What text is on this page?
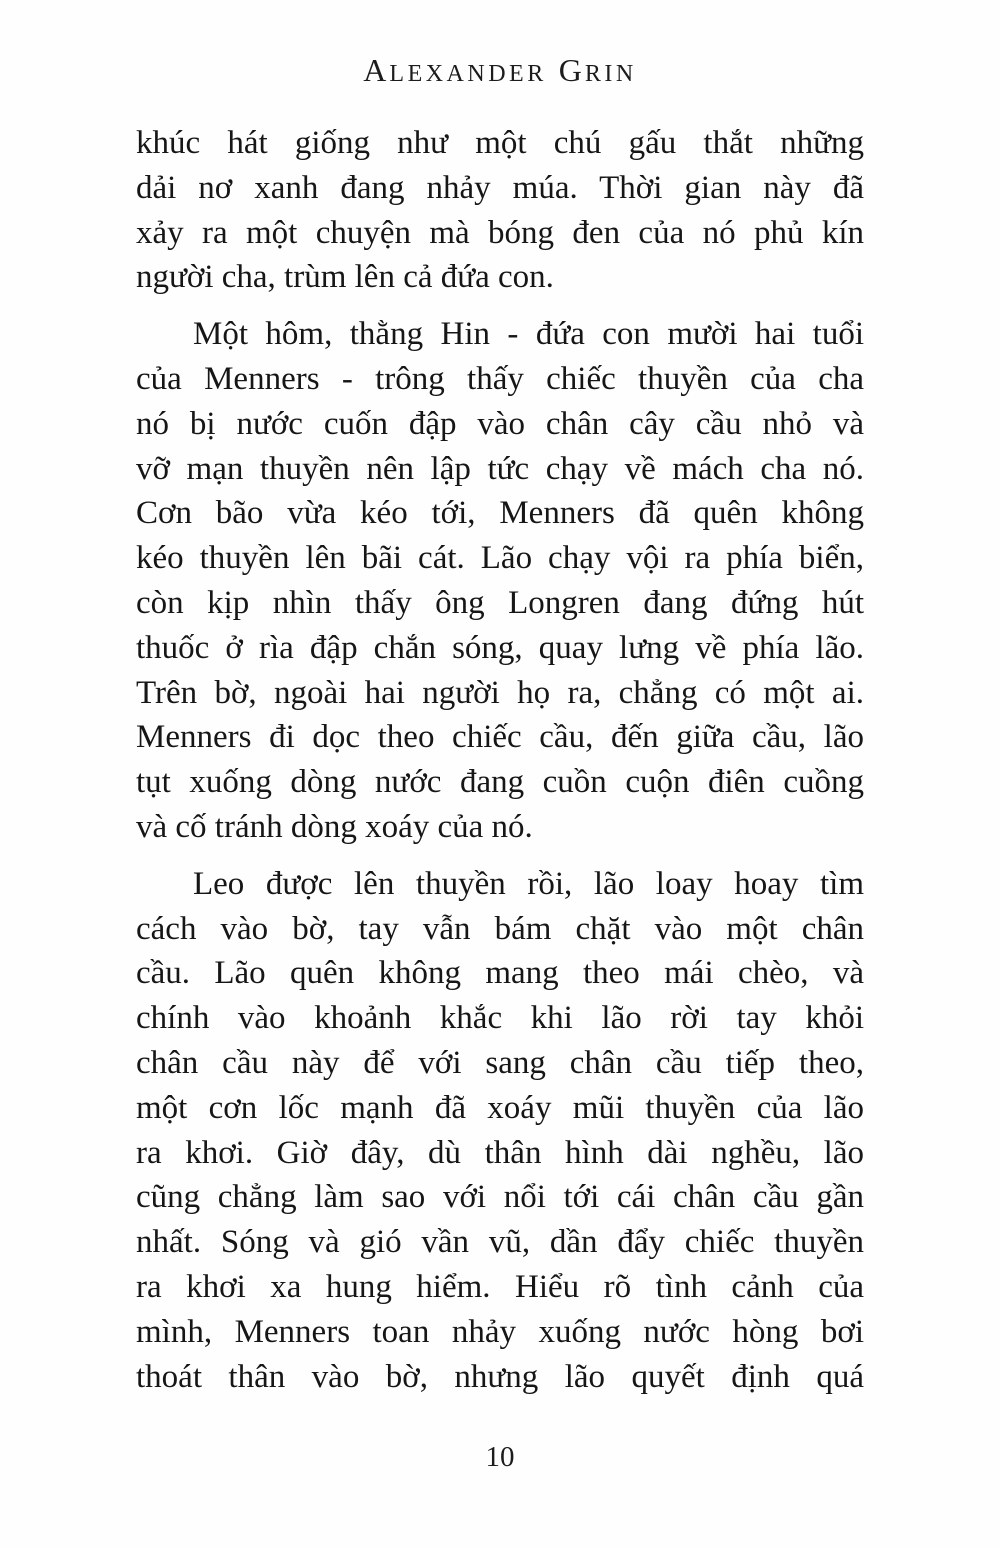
ALEXANDER GRIN
khúc hát giống như một chú gấu thắt những
dải nơ xanh đang nhảy múa. Thời gian này đã
xảy ra một chuyện mà bóng đen của nó phủ kín
người cha, trùm lên cả đứa con.
Một hôm, thằng Hin - đứa con mười hai tuổi
của Menners - trông thấy chiếc thuyền của cha
nó bị nước cuốn đập vào chân cây cầu nhỏ và
vỡ mạn thuyền nên lập tức chạy về mách cha nó.
Cơn bão vừa kéo tới, Menners đã quên không
kéo thuyền lên bãi cát. Lão chạy vội ra phía biển,
còn kịp nhìn thấy ông Longren đang đứng hút
thuốc ở rìa đập chắn sóng, quay lưng về phía lão.
Trên bờ, ngoài hai người họ ra, chẳng có một ai.
Menners đi dọc theo chiếc cầu, đến giữa cầu, lão
tụt xuống dòng nước đang cuồn cuộn điên cuồng
và cố tránh dòng xoáy của nó.
Leo được lên thuyền rồi, lão loay hoay tìm
cách vào bờ, tay vẫn bám chặt vào một chân
cầu. Lão quên không mang theo mái chèo, và
chính vào khoảnh khắc khi lão rời tay khỏi
chân cầu này để với sang chân cầu tiếp theo,
một cơn lốc mạnh đã xoáy mũi thuyền của lão
ra khơi. Giờ đây, dù thân hình dài nghều, lão
cũng chẳng làm sao với nổi tới cái chân cầu gần
nhất. Sóng và gió vần vũ, dần đẩy chiếc thuyền
ra khơi xa hung hiểm. Hiểu rõ tình cảnh của
mình, Menners toan nhảy xuống nước hòng bơi
thoát thân vào bờ, nhưng lão quyết định quá
10
